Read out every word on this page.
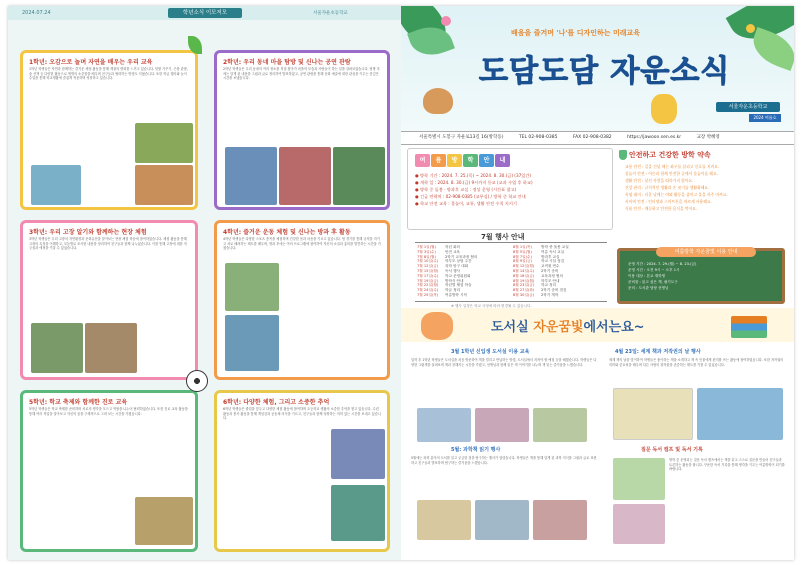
2024.07.24	학년소식 이모저모	서울자운초등학교
1학년: 오감으로 놀며 자연을 배우는 우리 교육
1학년 학생들은 자연과 함께하는 즐거운 체험 활동을 통해 계절의 변화를 느끼고 있습니다. 텃밭 가꾸기, 곤충 관찰, 숲 산책 등 다양한 활동으로 생명의 소중함을 배우며 친구들과 협력하는 방법도 익혔습니다. 또한 학급 행사와 놀이 수업을 통해 학교생활에 즐겁게 적응하며 성장하고 있습니다.
2학년: 우리 동네 마을 탐방 및 신나는 공연 관람
2학년 학생들은 우리 동네의 여러 장소를 직접 찾아가 마을의 모습과 사람들이 하는 일을 살펴보았습니다. 탐방 후에는 알게 된 내용을 그림과 글로 정리하여 발표하였고, 공연 관람을 통해 문화 예술에 대한 관심을 키우는 뜻깊은 시간을 보냈습니다.
3학년: 우리 고장 알기와 함께하는 현장 체험
3학년 학생들은 우리 고장의 자연환경과 문화유산을 알아보는 현장 체험 학습에 참여하였습니다. 체험 활동을 통해 고장의 특징을 이해하고, 모둠별로 조사한 내용을 정리하여 친구들과 함께 나누었습니다. 이를 통해 고장에 대한 자긍심과 애정을 키울 수 있었습니다.
4학년: 즐거운 운동 체험 및 신나는 방과 후 활동
4학년 학생들은 다양한 스포츠 종목을 체험하며 건강한 몸과 마음을 기르고 있습니다. 팀 경기를 통해 규칙을 지키고 서로 배려하는 태도를 배우며, 방과 후에는 여러 프로그램에 참여하여 자신의 소질과 흥미를 발견하는 시간을 가졌습니다.
5학년: 학교 축제와 함께한 진로 교육
5학년 학생들은 학교 축제를 준비하며 서로의 생각을 모으고 역할을 나누어 협력하였습니다. 또한 진로 교육 활동을 통해 여러 직업을 알아보고 자신의 꿈을 구체적으로 그려 보는 시간을 가졌습니다.
6학년: 다양한 체험, 그리고 소중한 추억
6학년 학생들은 졸업을 앞두고 다양한 체험 활동에 참여하며 초등학교 생활의 소중한 추억을 쌓고 있습니다. 수련 활동과 봉사 활동을 통해 책임감과 공동체 의식을 기르고, 친구들과 함께 성장하는 의미 있는 시간을 보내고 있습니다.
배움을 즐겨며 '나'를 디자인하는 미래교육
도담도담 자운소식
서울자운초등학교
2024 여름호
서울특별시 도봉구 자운로13길 16(방학동)	TEL 02-908-0385	FAX 02-908-0382	https://jawoon.sen.es.kr	교장 박혜영
여 름 방 학 안 내
● 방학 기간 : 2024. 7. 25.(목) ~ 2024. 8. 30.(금) (37일간)
● 개학 일 : 2024. 8. 30.(금) 9시까지 등교 (교과 수업 후 하교)
● 방학 중 돌봄 · 방과후 교실 : 정상 운영 (시간표 참고)
● 긴급 연락처 : 02-908-0385 (교무실) / 방학 중 학교 안내
● 학교 안전 교육 : 물놀이, 교통, 생활 안전 수칙 지키기
안전하고 건강한 방학 약속
교통 안전 : 길을 건널 때는 좌우를 살피고 신호를 지켜요.
물놀이 안전 : 어른과 함께 안전한 곳에서 물놀이를 해요.
생활 안전 : 낯선 사람을 따라가지 않아요.
건강 관리 : 규칙적인 생활과 손 씻기를 생활화해요.
폭염 대비 : 더운 낮에는 야외 활동을 줄이고 물을 자주 마셔요.
사이버 안전 : 인터넷과 스마트폰을 바르게 사용해요.
식품 안전 : 깨끗하고 안전한 음식을 먹어요.
7월 행사 안내
7월 1일(월)	학년 회의
7월 3일(수)	안전 교육
7월 8일(월)	2학기 교육과정 협의
7월 10일(수) 학부모 상담 주간
7월 12일(금) 과학 탐구 대회
7월 15일(월) 독서 행사
7월 17일(수) 학교 운영위원회
7월 19일(금) 방학식 안내
7월 22일(월) 학년별 체험 학습
7월 24일(수) 학급 정리
7월 25일(목) 여름방학 시작
8월 1일(목)	방학 중 돌봄 교실
8월 5일(월)	여름 독서 교실
8월 7일(수)	방과후 교실
8월 9일(금)	학교 시설 점검
8월 12일(월) 교직원 연수
8월 14일(수) 2학기 준비
8월 16일(금) 교육과정 협의
8월 19일(월) 학부모 안내
8월 23일(금) 학교 정리
8월 27일(화) 2학기 준비 점검
8월 30일(금) 2학기 개학
※ 행사 일정은 학교 사정에 따라 변경될 수 있습니다.
여름방학 자운꿈빛 이용 안내
운영 기간 : 2024. 7. 29.(월) ~ 8. 23.(금)
운영 시간 : 오전 9시 ~ 오후 1시
이용 대상 : 본교 재학생
준비물 : 읽고 싶은 책, 필기도구
문의 : 도서관 담당 선생님
도서실 자운꿈빛에서는요~
3월 1학년 신입생 도서실 이용 교육
입학 후 1학년 학생들은 도서실을 처음 방문하여 책을 빌리고 반납하는 방법, 도서실에서 지켜야 할 예절 등을 배웠습니다. 학생들은 다양한 그림책을 살펴보며 책과 친해지는 시간을 가졌고, 선생님과 함께 읽은 책 이야기를 나누며 책 읽는 즐거움을 느꼈습니다.
5월: 과학책 읽기 행사
5월에는 과학 분야의 도서를 읽고 궁금한 점을 탐구하는 행사가 열렸습니다. 학생들은 책을 통해 알게 된 과학 지식을 그림과 글로 표현하고 친구들과 발표하며 탐구하는 즐거움을 느꼈습니다.
4월 23일: 세계 책과 저작권의 날 행사
세계 책의 날을 맞이하여 학생들은 좋아하는 책을 소개하고 책 속 인물에게 편지를 쓰는 활동에 참여하였습니다. 또한 저작권의 의미와 중요성을 배우며 다른 사람의 창작물을 존중하는 태도를 기를 수 있었습니다.
질문 독서 캠프 및 독서 기록
방학 중 운영되는 질문 독서 캠프에서는 책을 읽고 스스로 질문을 만들어 친구들과 토론하는 활동을 합니다. 꾸준한 독서 기록을 통해 생각을 키우는 여름방학이 되기를 바랍니다.
